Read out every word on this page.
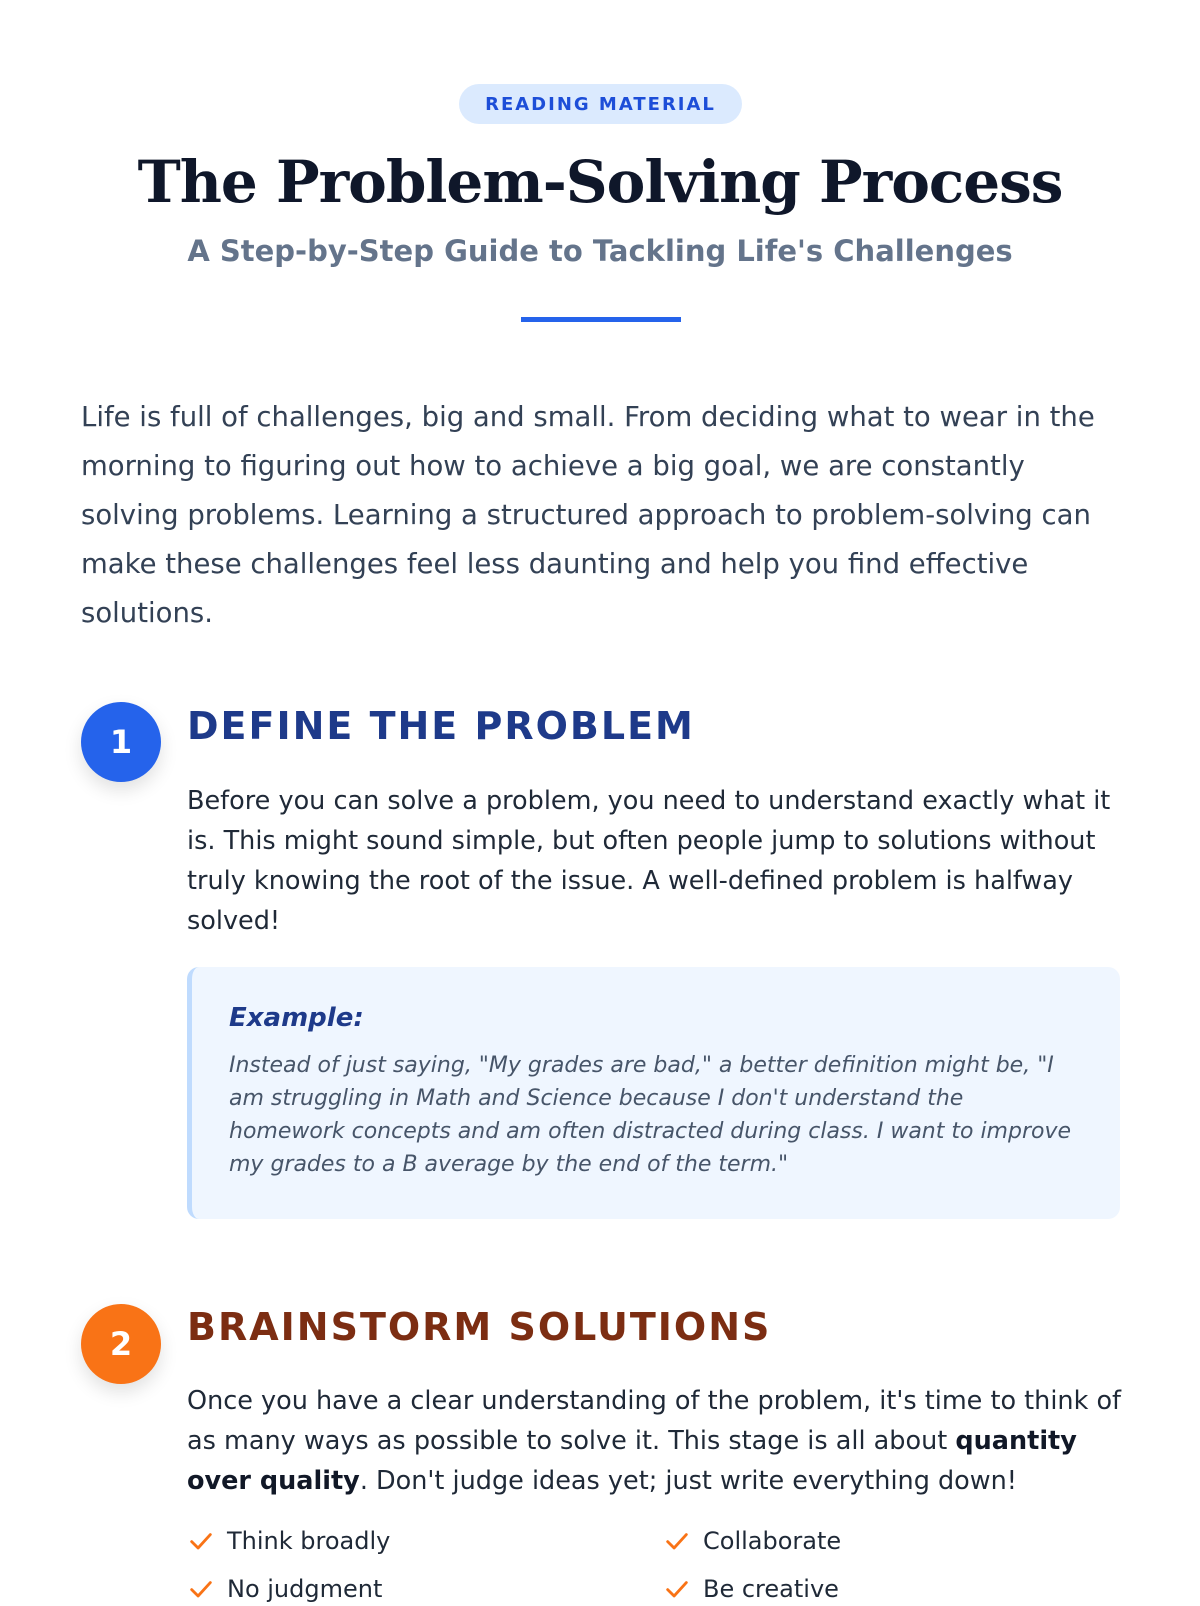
READING MATERIAL
The Problem-Solving Process
A Step-by-Step Guide to Tackling Life's Challenges

Life is full of challenges, big and small. From deciding what to wear in the morning to figuring out how to achieve a big goal, we are constantly solving problems. Learning a structured approach to problem-solving can make these challenges feel less daunting and help you find effective solutions.

1	DEFINE THE PROBLEM

Before you can solve a problem, you need to understand exactly what it is. This might sound simple, but often people jump to solutions without truly knowing the root of the issue. A well-defined problem is halfway solved!

Example:

Instead of just saying, "My grades are bad," a better definition might be, "I am struggling in Math and Science because I don't understand the homework concepts and am often distracted during class. I want to improve my grades to a B average by the end of the term."

2	BRAINSTORM SOLUTIONS

Once you have a clear understanding of the problem, it's time to think of as many ways as possible to solve it. This stage is all about quantity over quality. Don't judge ideas yet; just write everything down!

Think broadly	Collaborate
No judgment	Be creative
